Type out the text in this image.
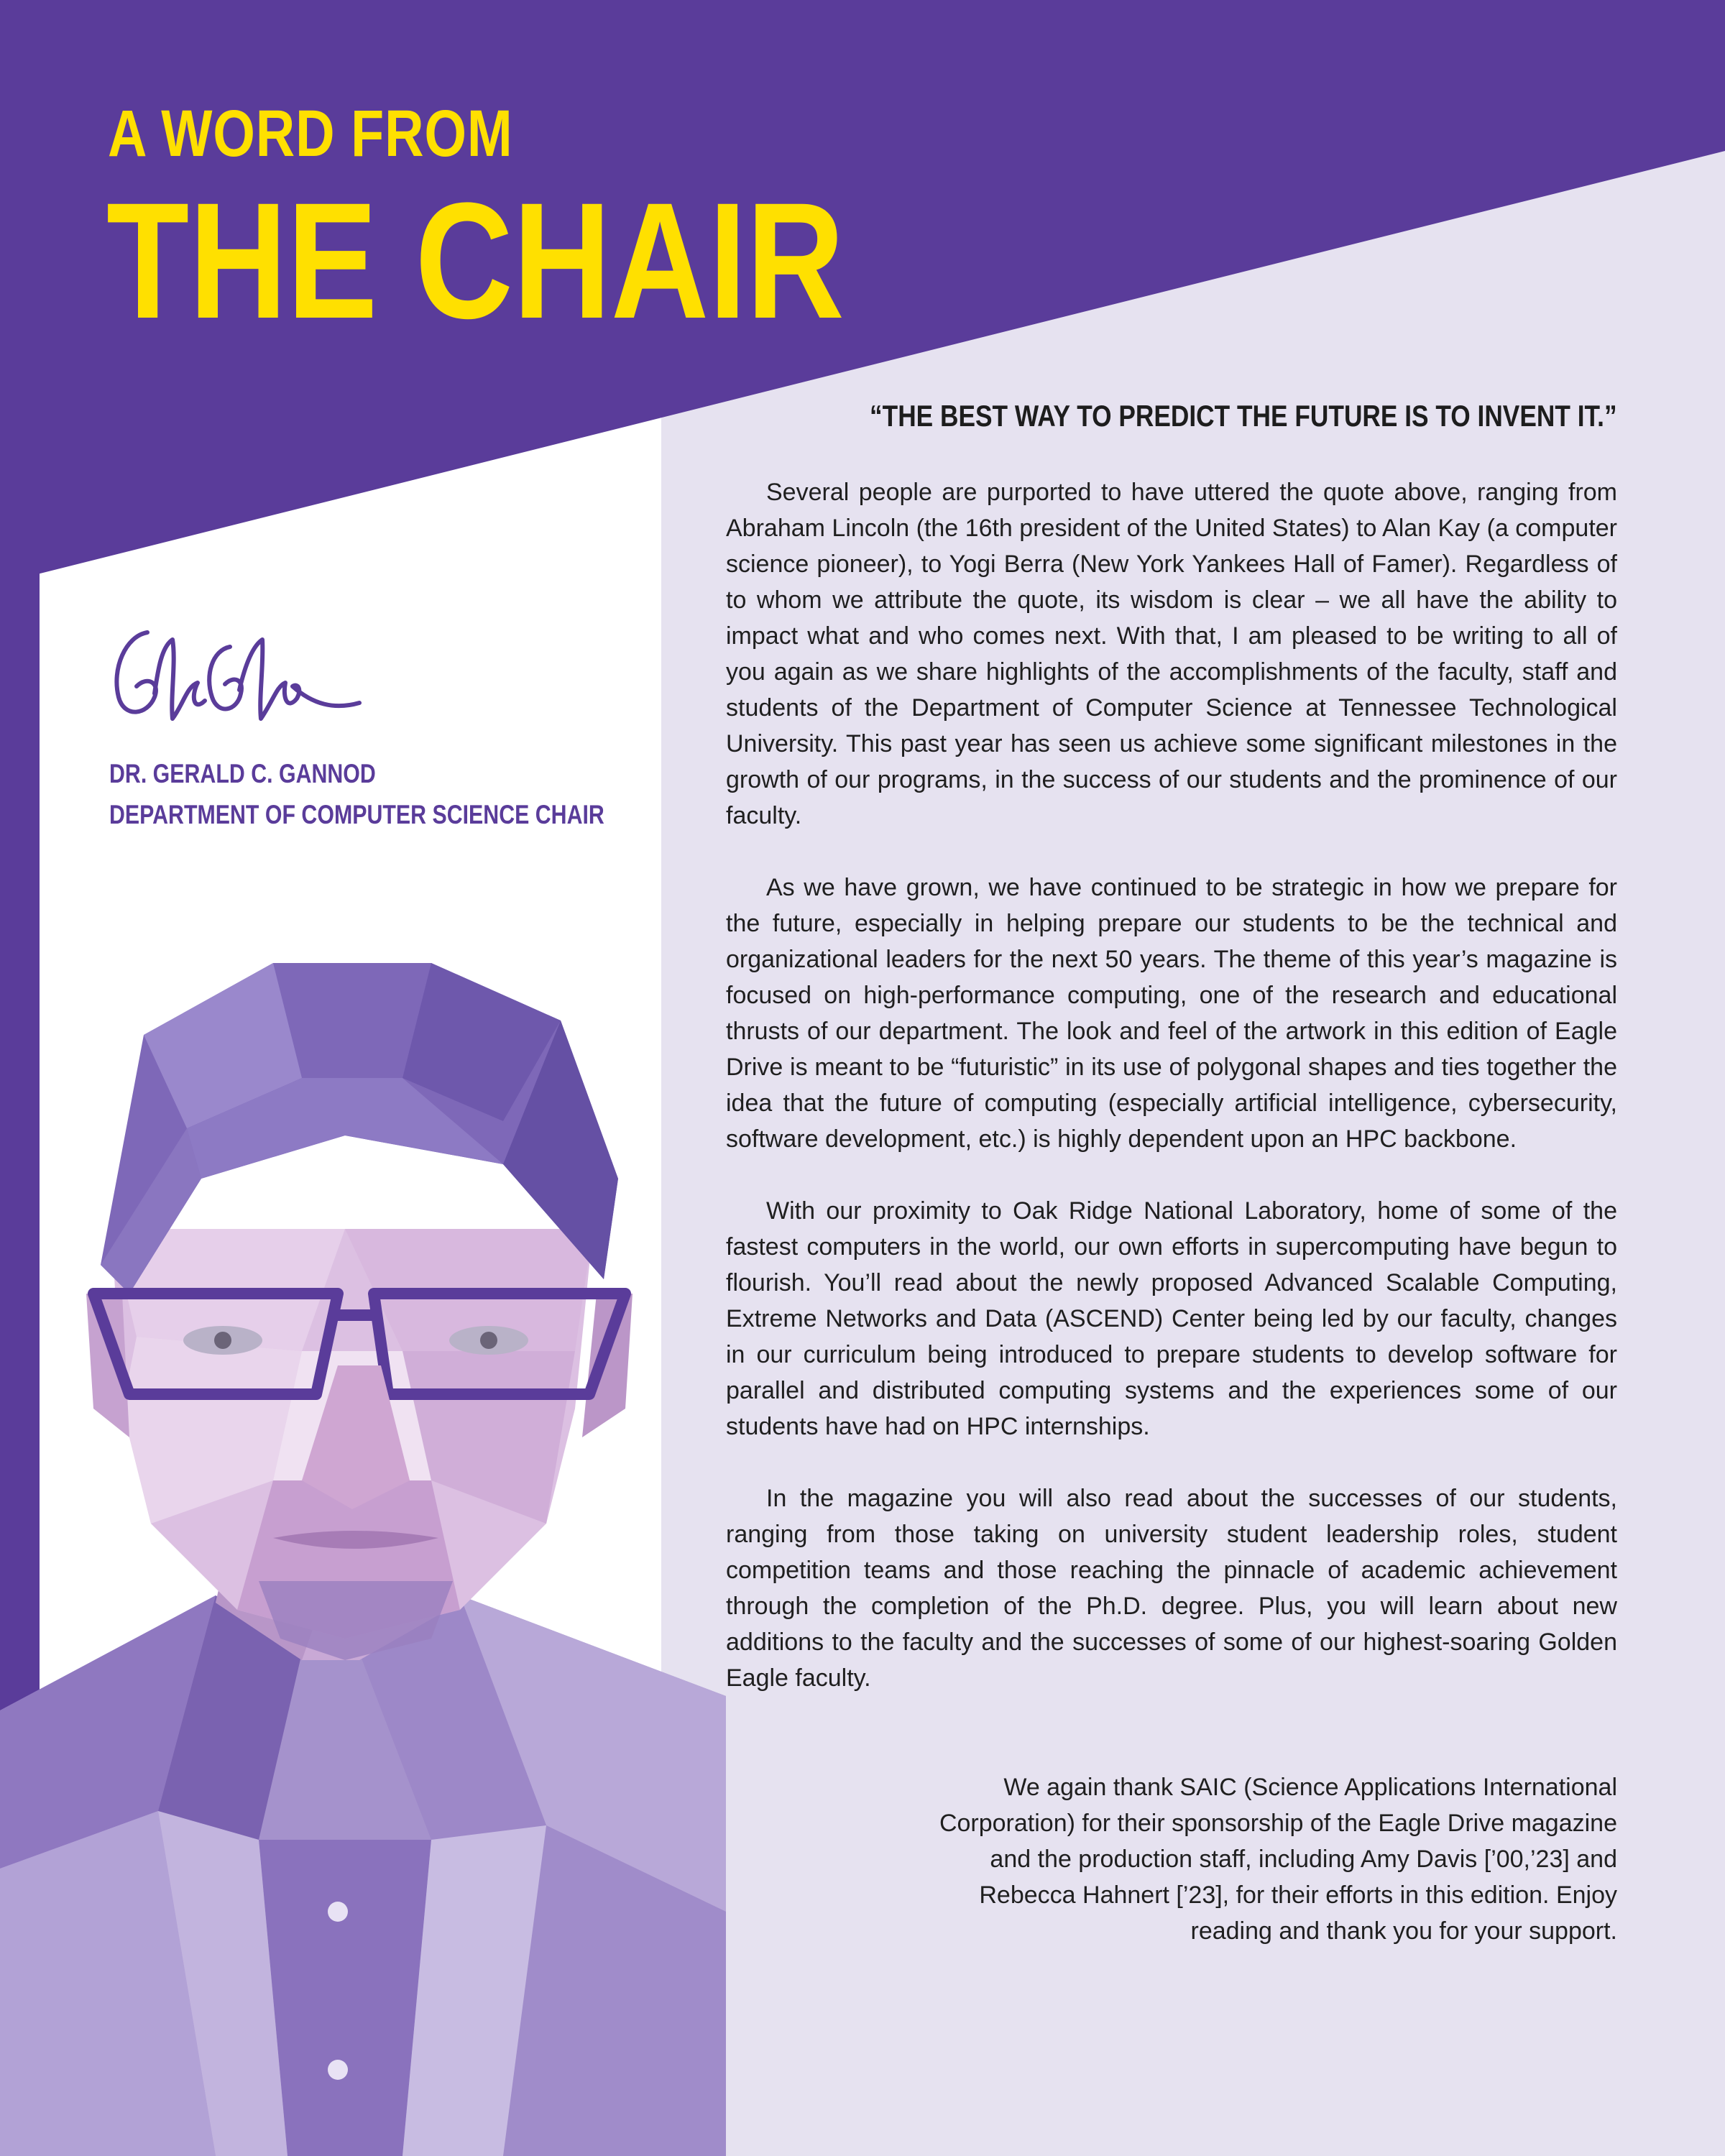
A WORD FROM
THE CHAIR
“THE BEST WAY TO PREDICT THE FUTURE IS TO INVENT IT.”

Several people are purported to have uttered the quote above, ranging from Abraham Lincoln (the 16th president of the United States) to Alan Kay (a computer science pioneer), to Yogi Berra (New York Yankees Hall of Famer). Regardless of to whom we attribute the quote, its wisdom is clear – we all have the ability to impact what and who comes next. With that, I am pleased to be writing to all of you again as we share highlights of the accomplishments of the faculty, staff and students of the Department of Computer Science at Tennessee Technological University. This past year has seen us achieve some significant milestones in the growth of our programs, in the success of our students and the prominence of our faculty.

As we have grown, we have continued to be strategic in how we prepare for the future, especially in helping prepare our students to be the technical and organizational leaders for the next 50 years. The theme of this year’s magazine is focused on high-performance computing, one of the research and educational thrusts of our department. The look and feel of the artwork in this edition of Eagle Drive is meant to be “futuristic” in its use of polygonal shapes and ties together the idea that the future of computing (especially artificial intelligence, cybersecurity, software development, etc.) is highly dependent upon an HPC backbone.

With our proximity to Oak Ridge National Laboratory, home of some of the fastest computers in the world, our own efforts in supercomputing have begun to flourish. You’ll read about the newly proposed Advanced Scalable Computing, Extreme Networks and Data (ASCEND) Center being led by our faculty, changes in our curriculum being introduced to prepare students to develop software for parallel and distributed computing systems and the experiences some of our students have had on HPC internships.

In the magazine you will also read about the successes of our students, ranging from those taking on university student leadership roles, student competition teams and those reaching the pinnacle of academic achievement through the completion of the Ph.D. degree. Plus, you will learn about new additions to the faculty and the successes of some of our highest-soaring Golden Eagle faculty.

We again thank SAIC (Science Applications International Corporation) for their sponsorship of the Eagle Drive magazine and the production staff, including Amy Davis [’00,’23] and Rebecca Hahnert [’23], for their efforts in this edition. Enjoy reading and thank you for your support.

DR. GERALD C. GANNOD

DEPARTMENT OF COMPUTER SCIENCE CHAIR
